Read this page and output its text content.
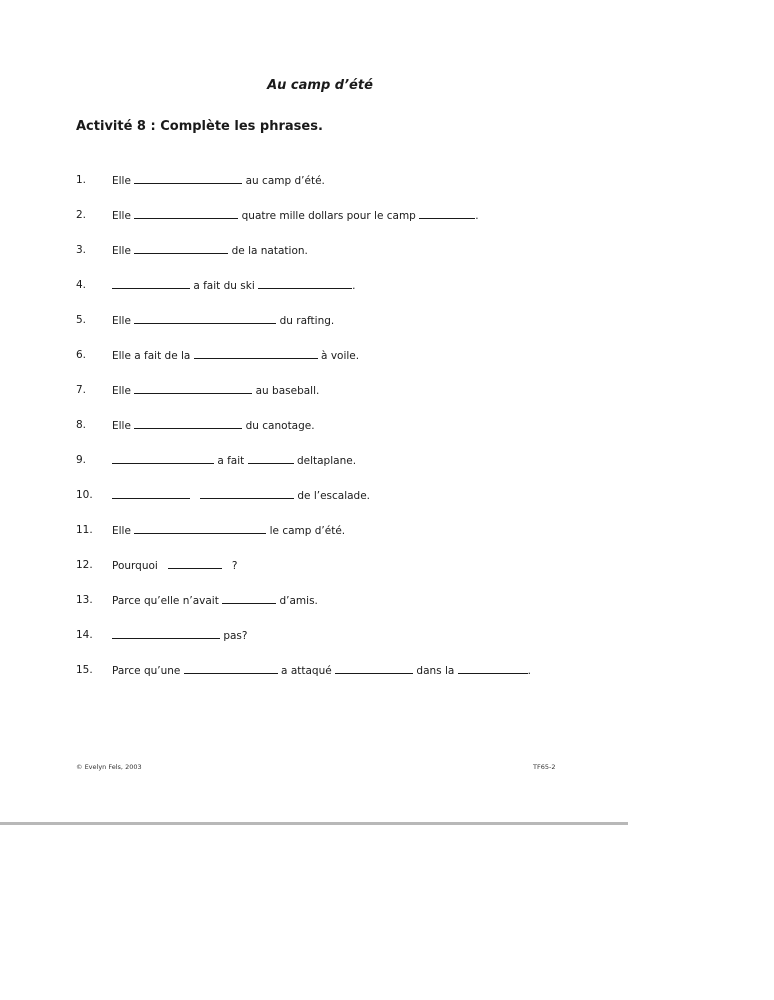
Au camp d’été
Activité 8 : Complète les phrases.
1.	Elle	au camp d’été.
2.	Elle	quatre mille dollars pour le camp	.
3.	Elle	de la natation.
4.	a fait du ski	.
5.	Elle	du rafting.
6.	Elle a fait de la	à voile.
7.	Elle	au baseball.
8.	Elle	du canotage.
9.	a fait	deltaplane.
10.	de l’escalade.
11.	Elle	le camp d’été.
12.	Pourquoi	?
13.	Parce qu’elle n’avait	d’amis.
14.	pas?
15.	Parce qu’une	a attaqué	dans la	.
© Evelyn Fels, 2003	TF65-2
